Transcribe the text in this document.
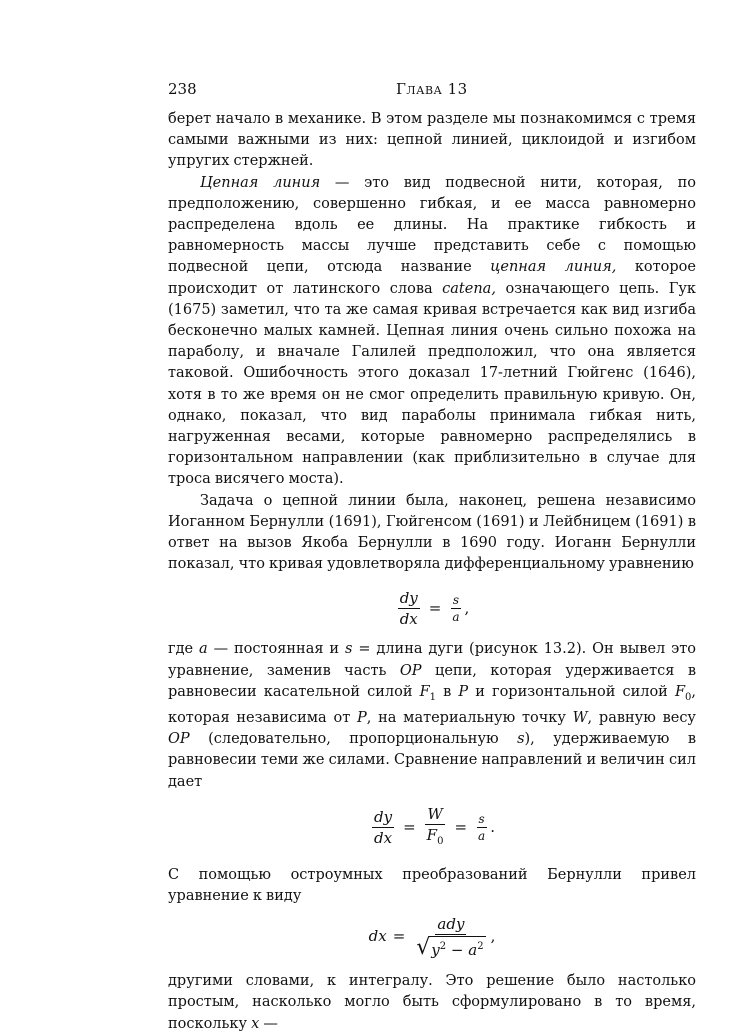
238	Глава 13

берет начало в механике. В этом разделе мы познакомимся с тремя самыми важными из них: цепной линией, циклоидой и изгибом упругих стержней.

Цепная линия — это вид подвесной нити, которая, по предположению, совершенно гибкая, и ее масса равномерно распределена вдоль ее длины. На практике гибкость и равномерность массы лучше представить себе с помощью подвесной цепи, отсюда название цепная линия, которое происходит от латинского слова catena, означающего цепь. Гук (1675) заметил, что та же самая кривая встречается как вид изгиба бесконечно малых камней. Цепная линия очень сильно похожа на параболу, и вначале Галилей предположил, что она является таковой. Ошибочность этого доказал 17-летний Гюйгенс (1646), хотя в то же время он не смог определить правильную кривую. Он, однако, показал, что вид параболы принимала гибкая нить, нагруженная весами, которые равномерно распределялись в горизонтальном направлении (как приблизительно в случае для троса висячего моста).

Задача о цепной линии была, наконец, решена независимо Иоганном Бернулли (1691), Гюйгенсом (1691) и Лейбницем (1691) в ответ на вызов Якоба Бернулли в 1690 году. Иоганн Бернулли показал, что кривая удовлетворяла дифференциальному уравнению

$\frac{dy}{dx} = \frac{s}{a}$ ,

где a — постоянная и s = длина дуги (рисунок 13.2). Он вывел это уравнение, заменив часть OP цепи, которая удерживается в равновесии касательной силой $F_1$ в P и горизонтальной силой $F_0$, которая независима от P, на материальную точку W, равную весу OP (следовательно, пропорциональную s), удерживаемую в равновесии теми же силами. Сравнение направлений и величин сил дает

$\frac{dy}{dx} = \frac{W}{F_0} = \frac{s}{a}$ .

С помощью остроумных преобразований Бернулли привел уравнение к виду

dx = $\frac{\text{ady}}{√ y^2 - a^2}$ ,

другими словами, к интегралу. Это решение было настолько простым, насколько могло быть сформулировано в то время, поскольку x —
